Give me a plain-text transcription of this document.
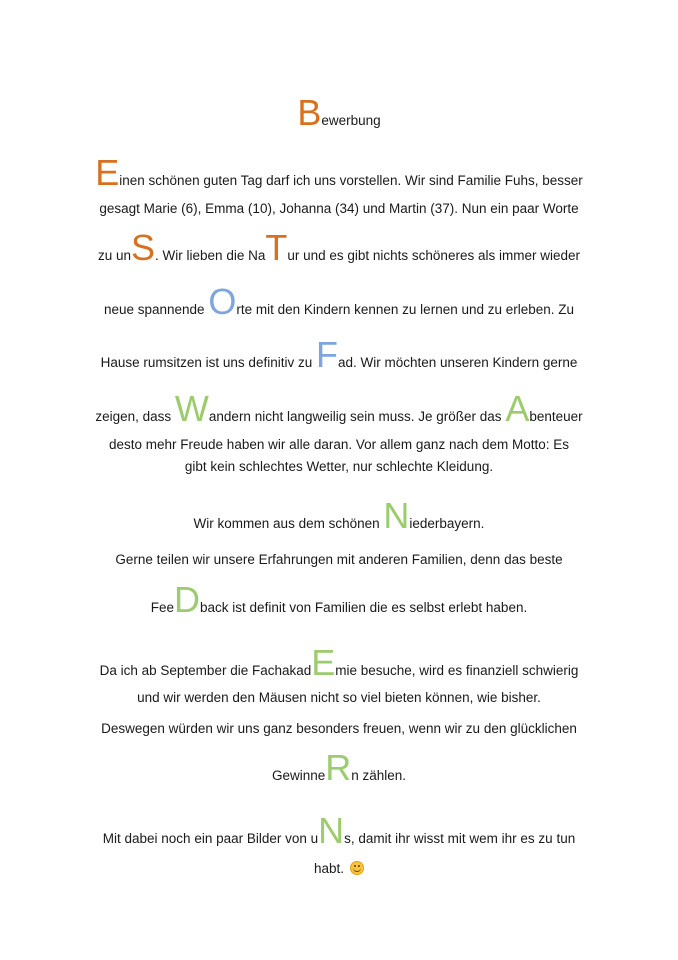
Bewerbung
Einen schönen guten Tag darf ich uns vorstellen. Wir sind Familie Fuhs, besser
gesagt Marie (6), Emma (10), Johanna (34) und Martin (37). Nun ein paar Worte
zu unS. Wir lieben die NaTur und es gibt nichts schöneres als immer wieder
neue spannende Orte mit den Kindern kennen zu lernen und zu erleben. Zu
Hause rumsitzen ist uns definitiv zu Fad. Wir möchten unseren Kindern gerne
zeigen, dass Wandern nicht langweilig sein muss. Je größer das Abenteuer
desto mehr Freude haben wir alle daran. Vor allem ganz nach dem Motto: Es
gibt kein schlechtes Wetter, nur schlechte Kleidung.
Wir kommen aus dem schönen Niederbayern.
Gerne teilen wir unsere Erfahrungen mit anderen Familien, denn das beste
FeeDback ist definit von Familien die es selbst erlebt haben.
Da ich ab September die FachakadEmie besuche, wird es finanziell schwierig
und wir werden den Mäusen nicht so viel bieten können, wie bisher.
Deswegen würden wir uns ganz besonders freuen, wenn wir zu den glücklichen
GewinneRn zählen.
Mit dabei noch ein paar Bilder von uNs, damit ihr wisst mit wem ihr es zu tun
habt.
